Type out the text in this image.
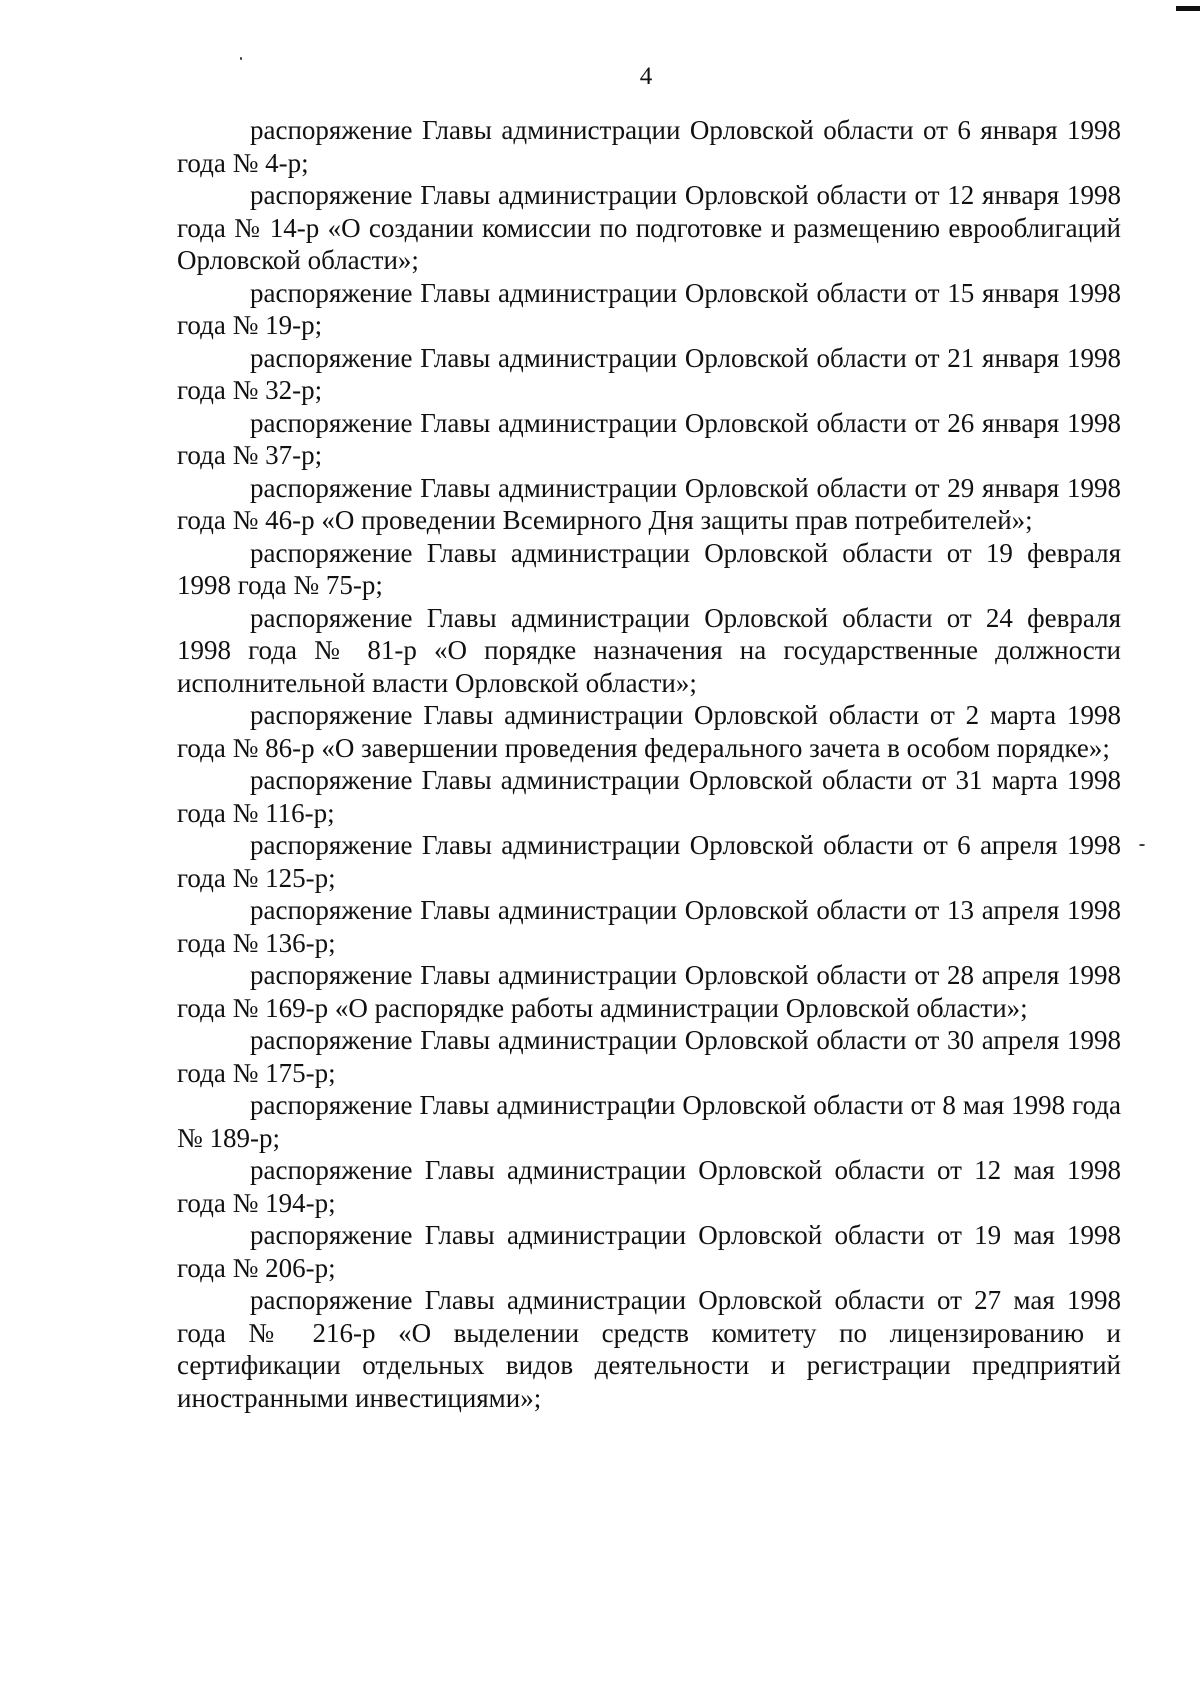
4

распоряжение Главы администрации Орловской области от 6 января 1998 года № 4-р;

распоряжение Главы администрации Орловской области от 12 января 1998 года № 14-р «О создании комиссии по подготовке и размещению еврооблигаций Орловской области»;

распоряжение Главы администрации Орловской области от 15 января 1998 года № 19-р;

распоряжение Главы администрации Орловской области от 21 января 1998 года № 32-р;

распоряжение Главы администрации Орловской области от 26 января 1998 года № 37-р;

распоряжение Главы администрации Орловской области от 29 января 1998 года № 46-р «О проведении Всемирного Дня защиты прав потребителей»;

распоряжение Главы администрации Орловской области от 19 февраля 1998 года № 75-р;

распоряжение Главы администрации Орловской области от 24 февраля 1998 года № 81-р «О порядке назначения на государственные должности исполнительной власти Орловской области»;

распоряжение Главы администрации Орловской области от 2 марта 1998 года № 86-р «О завершении проведения федерального зачета в особом порядке»;

распоряжение Главы администрации Орловской области от 31 марта 1998 года № 116-р;

распоряжение Главы администрации Орловской области от 6 апреля 1998 года № 125-р;

распоряжение Главы администрации Орловской области от 13 апреля 1998 года № 136-р;

распоряжение Главы администрации Орловской области от 28 апреля 1998 года № 169-р «О распорядке работы администрации Орловской области»;

распоряжение Главы администрации Орловской области от 30 апреля 1998 года № 175-р;

распоряжение Главы администрации Орловской области от 8 мая 1998 года № 189-р;

распоряжение Главы администрации Орловской области от 12 мая 1998 года № 194-р;

распоряжение Главы администрации Орловской области от 19 мая 1998 года № 206-р;

распоряжение Главы администрации Орловской области от 27 мая 1998 года № 216-р «О выделении средств комитету по лицензированию и сертификации отдельных видов деятельности и регистрации предприятий иностранными инвестициями»;
